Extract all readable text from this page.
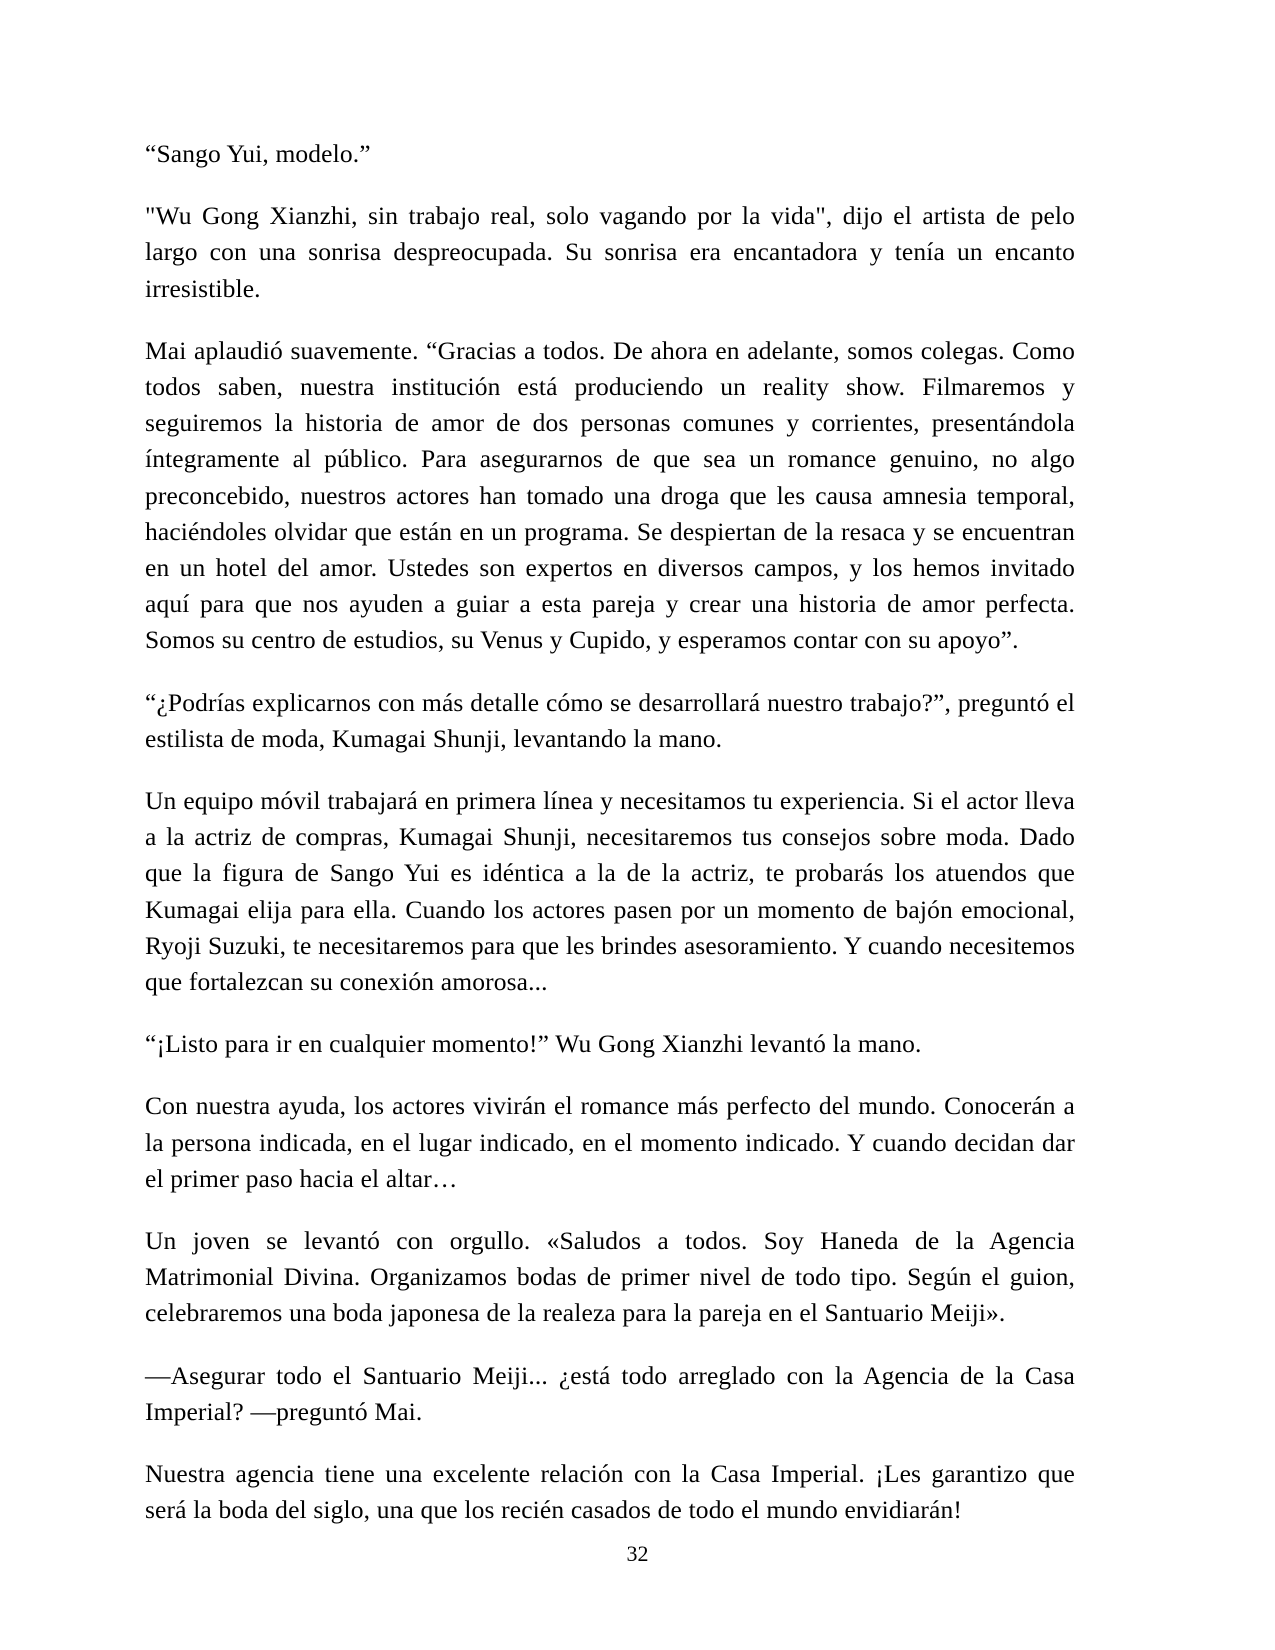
“Sango Yui, modelo.”

"Wu Gong Xianzhi, sin trabajo real, solo vagando por la vida", dijo el artista de pelo largo con una sonrisa despreocupada. Su sonrisa era encantadora y tenía un encanto irresistible.

Mai aplaudió suavemente. “Gracias a todos. De ahora en adelante, somos colegas. Como todos saben, nuestra institución está produciendo un reality show. Filmaremos y seguiremos la historia de amor de dos personas comunes y corrientes, presentándola íntegramente al público. Para asegurarnos de que sea un romance genuino, no algo preconcebido, nuestros actores han tomado una droga que les causa amnesia temporal, haciéndoles olvidar que están en un programa. Se despiertan de la resaca y se encuentran en un hotel del amor. Ustedes son expertos en diversos campos, y los hemos invitado aquí para que nos ayuden a guiar a esta pareja y crear una historia de amor perfecta. Somos su centro de estudios, su Venus y Cupido, y esperamos contar con su apoyo”.

“¿Podrías explicarnos con más detalle cómo se desarrollará nuestro trabajo?”, preguntó el estilista de moda, Kumagai Shunji, levantando la mano.

Un equipo móvil trabajará en primera línea y necesitamos tu experiencia. Si el actor lleva a la actriz de compras, Kumagai Shunji, necesitaremos tus consejos sobre moda. Dado que la figura de Sango Yui es idéntica a la de la actriz, te probarás los atuendos que Kumagai elija para ella. Cuando los actores pasen por un momento de bajón emocional, Ryoji Suzuki, te necesitaremos para que les brindes asesoramiento. Y cuando necesitemos que fortalezcan su conexión amorosa...

“¡Listo para ir en cualquier momento!” Wu Gong Xianzhi levantó la mano.

Con nuestra ayuda, los actores vivirán el romance más perfecto del mundo. Conocerán a la persona indicada, en el lugar indicado, en el momento indicado. Y cuando decidan dar el primer paso hacia el altar…

Un joven se levantó con orgullo. «Saludos a todos. Soy Haneda de la Agencia Matrimonial Divina. Organizamos bodas de primer nivel de todo tipo. Según el guion, celebraremos una boda japonesa de la realeza para la pareja en el Santuario Meiji».

—Asegurar todo el Santuario Meiji... ¿está todo arreglado con la Agencia de la Casa Imperial? —preguntó Mai.

Nuestra agencia tiene una excelente relación con la Casa Imperial. ¡Les garantizo que será la boda del siglo, una que los recién casados de todo el mundo envidiarán!

32
